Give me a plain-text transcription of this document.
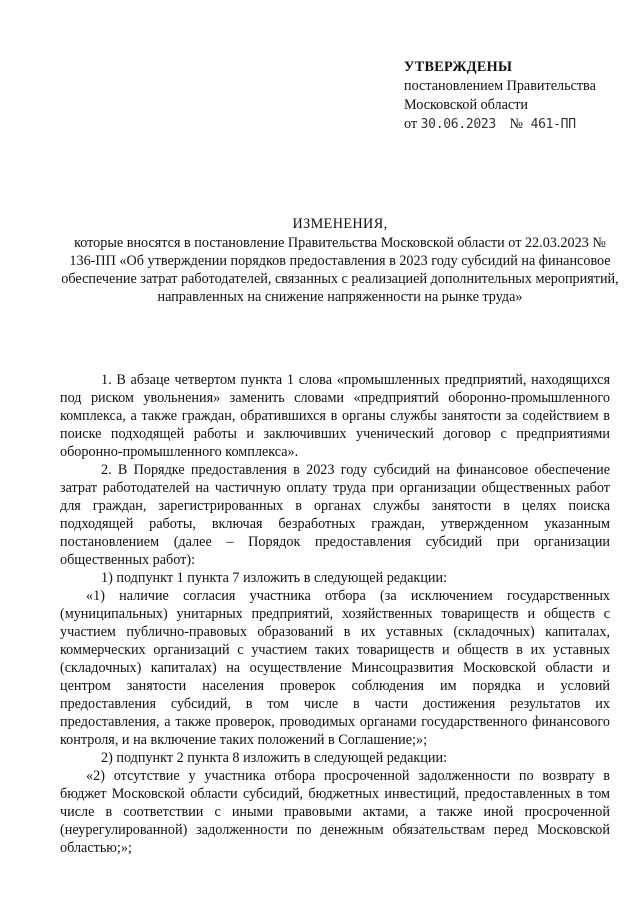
УТВЕРЖДЕНЫ
постановлением Правительства
Московской области
от 30.06.2023 № 461-ПП
ИЗМЕНЕНИЯ,
которые вносятся в постановление Правительства Московской области от 22.03.2023 № 136-ПП «Об утверждении порядков предоставления в 2023 году субсидий на финансовое обеспечение затрат работодателей, связанных с реализацией дополнительных мероприятий, направленных на снижение напряженности на рынке труда»

1. В абзаце четвертом пункта 1 слова «промышленных предприятий, находящихся под риском увольнения» заменить словами «предприятий оборонно-промышленного комплекса, а также граждан, обратившихся в органы службы занятости за содействием в поиске подходящей работы и заключивших ученический договор с предприятиями оборонно-промышленного комплекса».

2. В Порядке предоставления в 2023 году субсидий на финансовое обеспечение затрат работодателей на частичную оплату труда при организации общественных работ для граждан, зарегистрированных в органах службы занятости в целях поиска подходящей работы, включая безработных граждан, утвержденном указанным постановлением (далее – Порядок предоставления субсидий при организации общественных работ):

1) подпункт 1 пункта 7 изложить в следующей редакции:

«1) наличие согласия участника отбора (за исключением государственных (муниципальных) унитарных предприятий, хозяйственных товариществ и обществ с участием публично-правовых образований в их уставных (складочных) капиталах, коммерческих организаций с участием таких товариществ и обществ в их уставных (складочных) капиталах) на осуществление Минсоцразвития Московской области и центром занятости населения проверок соблюдения им порядка и условий предоставления субсидий, в том числе в части достижения результатов их предоставления, а также проверок, проводимых органами государственного финансового контроля, и на включение таких положений в Соглашение;»;

2) подпункт 2 пункта 8 изложить в следующей редакции:

«2) отсутствие у участника отбора просроченной задолженности по возврату в бюджет Московской области субсидий, бюджетных инвестиций, предоставленных в том числе в соответствии с иными правовыми актами, а также иной просроченной (неурегулированной) задолженности по денежным обязательствам перед Московской областью;»;
